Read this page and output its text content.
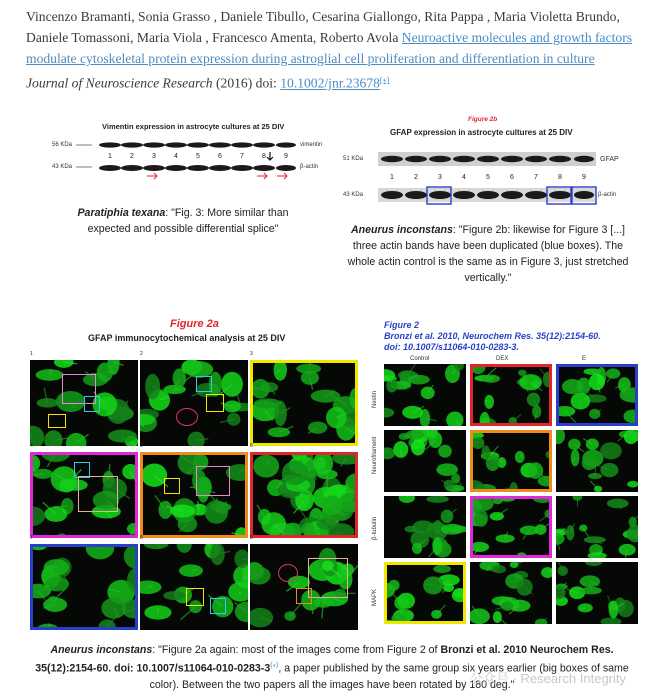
Vincenzo Bramanti, Sonia Grasso , Daniele Tibullo, Cesarina Giallongo, Rita Pappa , Maria Violetta Brundo, Daniele Tomassoni, Maria Viola , Francesco Amenta, Roberto Avola Neuroactive molecules and growth factors modulate cytoskeletal protein expression during astroglial cell proliferation and differentiation in culture Journal of Neuroscience Research (2016) doi: 10.1002/jnr.23678(⁎)
Vimentin expression in astrocyte cultures at 25 DIV
56 KDa
43 KDa
vimentin
β-actin
1	2	3	4	5	6	7	8	9
Paratiphia texana: "Fig. 3: More similar than expected and possible differential splice"
Figure 2b
GFAP expression in astrocyte cultures at 25 DIV
51 KDa
43 KDa
GFAP
β-actin
1	2	3	4	5	6	7	8	9
Aneurus inconstans: "Figure 2b: likewise for Figure 3 [...] three actin bands have been duplicated (blue boxes). The whole actin control is the same as in Figure 3, just stretched vertically."
Figure 2a
GFAP immunocytochemical analysis at 25 DIV
1	2	3
4	5	6
7	8	9
Figure 2
Bronzi et al. 2010, Neurochem Res. 35(12):2154-60.
doi: 10.1007/s11064-010-0283-3.
Control	DEX	E
Nestin
Neurofilament
β-tubulin
MAPK
Aneurus inconstans: "Figure 2a again: most of the images come from Figure 2 of Bronzi et al. 2010 Neurochem Res. 35(12):2154-60. doi: 10.1007/s11064-010-0283-3(⁎), a paper published by the same group six years earlier (big boxes of same color). Between the two papers all the images have been rotated by 180 deg."
公众号 · Research Integrity
